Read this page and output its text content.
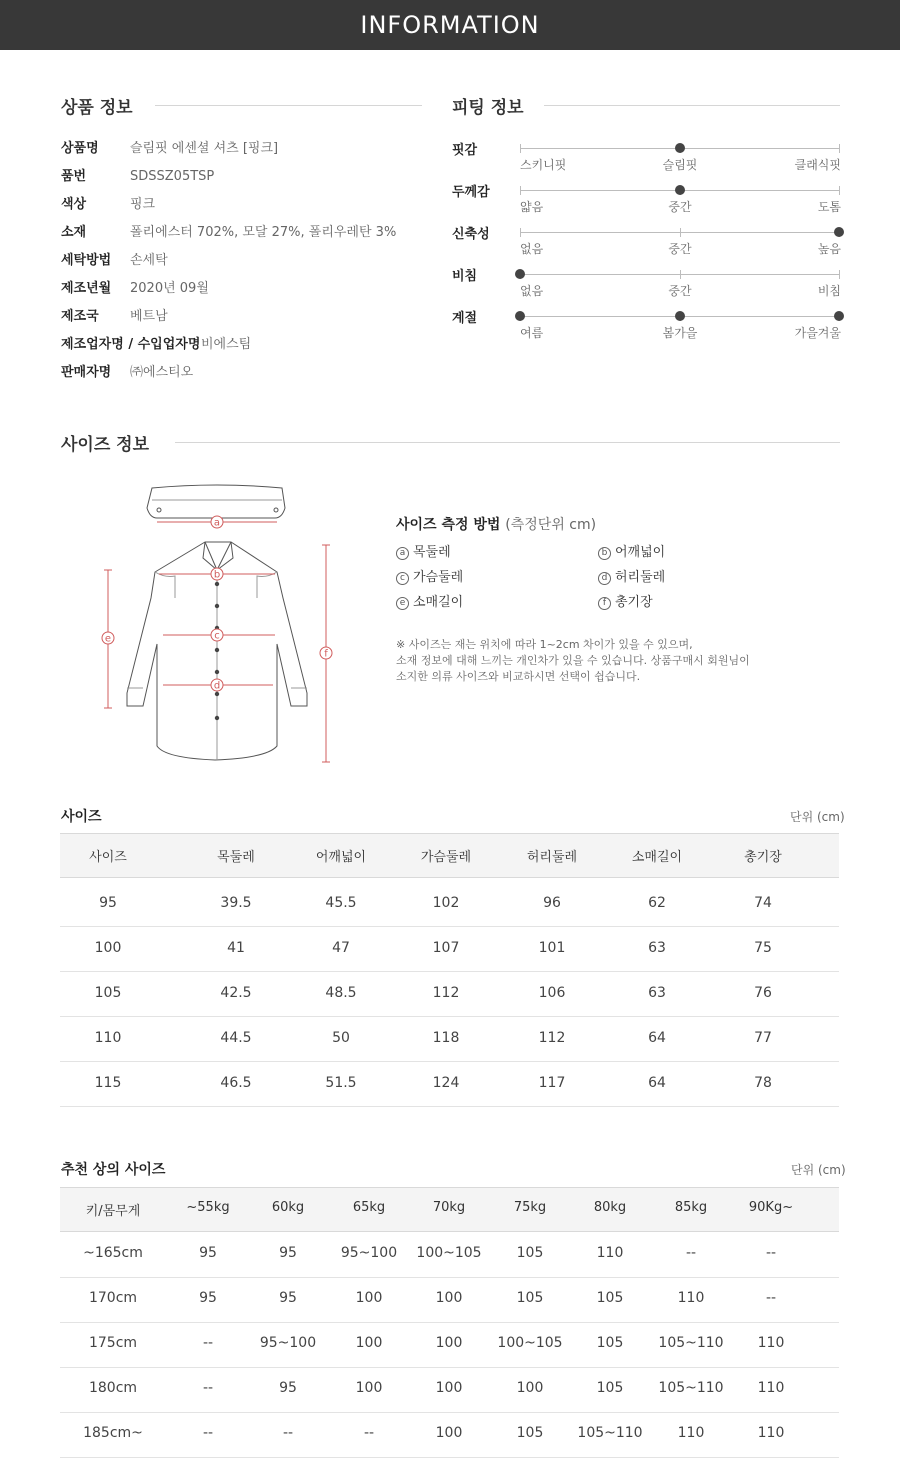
INFORMATION
상품 정보
상품명 슬림핏 에센셜 셔츠 [핑크]
품번	SDSSZ05TSP
색상	핑크
소재	폴리에스터 702%, 모달 27%, 폴리우레탄 3%
세탁방법 손세탁
제조년월 2020년 09월
제조국 베트남
제조업자명 / 수입업자명 비에스팀
판매자명 ㈜에스티오
피팅 정보
핏감
스키니핏	슬림핏	클래식핏
두께감
얇음	중간	도톰
신축성
없음	중간	높음
비침
없음	중간	비침
계절
여름	봄가을	가을겨울
사이즈 정보
a
b
c
d
e
f
사이즈 측정 방법 (측정단위 cm)
a 목둘레	b 어깨넓이
c 가슴둘레	d 허리둘레
e 소매길이	f 총기장
※ 사이즈는 재는 위치에 따라 1~2cm 차이가 있을 수 있으며,
소재 정보에 대해 느끼는 개인차가 있을 수 있습니다. 상품구매시 회원님이
소지한 의류 사이즈와 비교하시면 선택이 쉽습니다.
사이즈	단위 (cm)
사이즈	목둘레	어깨넓이	가슴둘레	허리둘레	소매길이	총기장
95	39.5	45.5	102	96	62	74
100	41	47	107	101	63	75
105	42.5	48.5	112	106	63	76
110	44.5	50	118	112	64	77
115	46.5	51.5	124	117	64	78
추천 상의 사이즈	단위 (cm)
키/몸무게	~55kg	60kg	65kg	70kg	75kg	80kg	85kg	90Kg~
~165cm	95	95	95~100	100~105	105	110	--	--
170cm	95	95	100	100	105	105	110	--
175cm	--	95~100	100	100	100~105	105	105~110	110
180cm	--	95	100	100	100	105	105~110	110
185cm~	--	--	--	100	105	105~110	110	110
